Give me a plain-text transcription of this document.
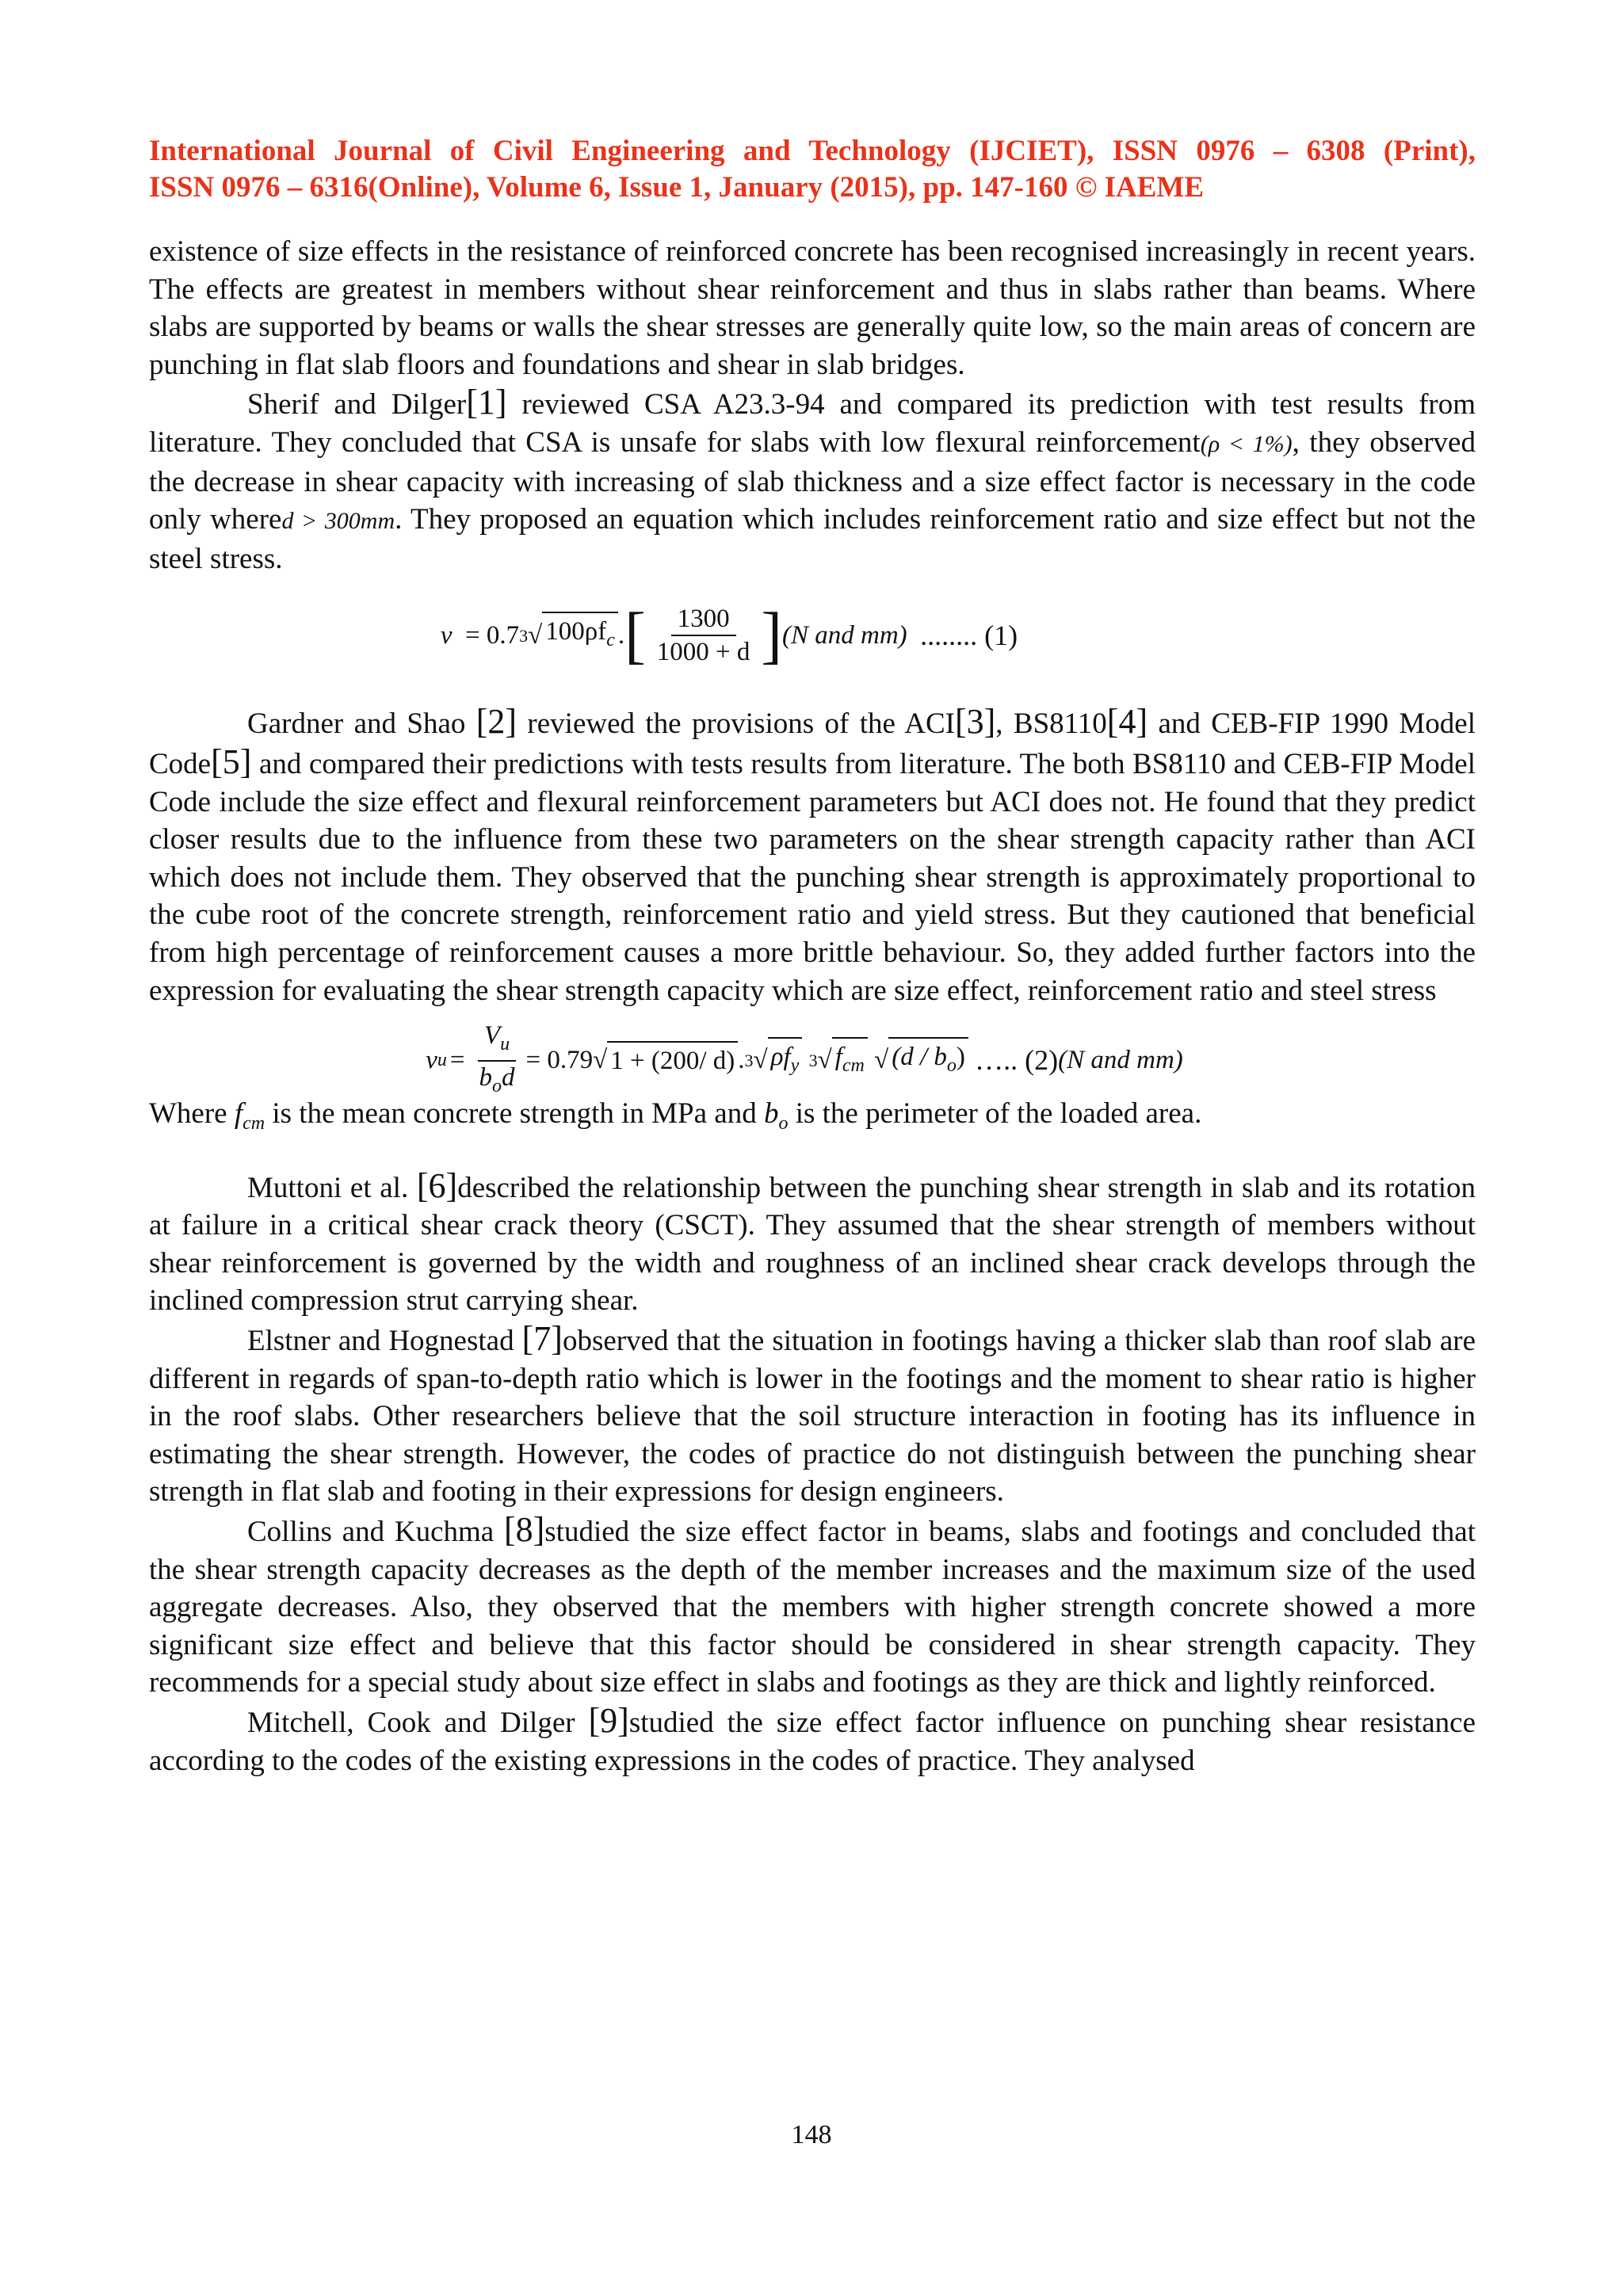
International Journal of Civil Engineering and Technology (IJCIET), ISSN 0976 – 6308 (Print),
ISSN 0976 – 6316(Online), Volume 6, Issue 1, January (2015), pp. 147-160 © IAEME

existence of size effects in the resistance of reinforced concrete has been recognised increasingly in recent years. The effects are greatest in members without shear reinforcement and thus in slabs rather than beams. Where slabs are supported by beams or walls the shear stresses are generally quite low, so the main areas of concern are punching in flat slab floors and foundations and shear in slab bridges.

Sherif and Dilger[1] reviewed CSA A23.3-94 and compared its prediction with test results from literature. They concluded that CSA is unsafe for slabs with low flexural reinforcement(ρ < 1%), they observed the decrease in shear capacity with increasing of slab thickness and a size effect factor is necessary in the code only whered > 300mm. They proposed an equation which includes reinforcement ratio and size effect but not the steel stress.

v
= 0.7 3 √ $100\rho f_c$ . [ $\frac{1300}{1000 + d}$ ] (N and mm)
........ (1)

Gardner and Shao [2] reviewed the provisions of the ACI[3], BS8110[4] and CEB-FIP 1990 Model Code[5] and compared their predictions with tests results from literature. The both BS8110 and CEB-FIP Model Code include the size effect and flexural reinforcement parameters but ACI does not. He found that they predict closer results due to the influence from these two parameters on the shear strength capacity rather than ACI which does not include them. They observed that the punching shear strength is approximately proportional to the cube root of the concrete strength, reinforcement ratio and yield stress. But they cautioned that beneficial from high percentage of reinforcement causes a more brittle behaviour. So, they added further factors into the expression for evaluating the shear strength capacity which are size effect, reinforcement ratio and steel stress

v $u = \frac{V_u}{b_od} = 0.79$ √ 1 + (200/ d) . 3 √ $\rho f_y$
3 √ $f_{cm}$ √ $(d / b_o)$
….. (2) (N and mm)

Where $f_{cm}$ is the mean concrete strength in MPa and $b_o$ is the perimeter of the loaded area.

Muttoni et al. [6]described the relationship between the punching shear strength in slab and its rotation at failure in a critical shear crack theory (CSCT). They assumed that the shear strength of members without shear reinforcement is governed by the width and roughness of an inclined shear crack develops through the inclined compression strut carrying shear.

Elstner and Hognestad [7]observed that the situation in footings having a thicker slab than roof slab are different in regards of span-to-depth ratio which is lower in the footings and the moment to shear ratio is higher in the roof slabs. Other researchers believe that the soil structure interaction in footing has its influence in estimating the shear strength. However, the codes of practice do not distinguish between the punching shear strength in flat slab and footing in their expressions for design engineers.

Collins and Kuchma [8]studied the size effect factor in beams, slabs and footings and concluded that the shear strength capacity decreases as the depth of the member increases and the maximum size of the used aggregate decreases. Also, they observed that the members with higher strength concrete showed a more significant size effect and believe that this factor should be considered in shear strength capacity. They recommends for a special study about size effect in slabs and footings as they are thick and lightly reinforced.

Mitchell, Cook and Dilger [9]studied the size effect factor influence on punching shear resistance according to the codes of the existing expressions in the codes of practice. They analysed

148
